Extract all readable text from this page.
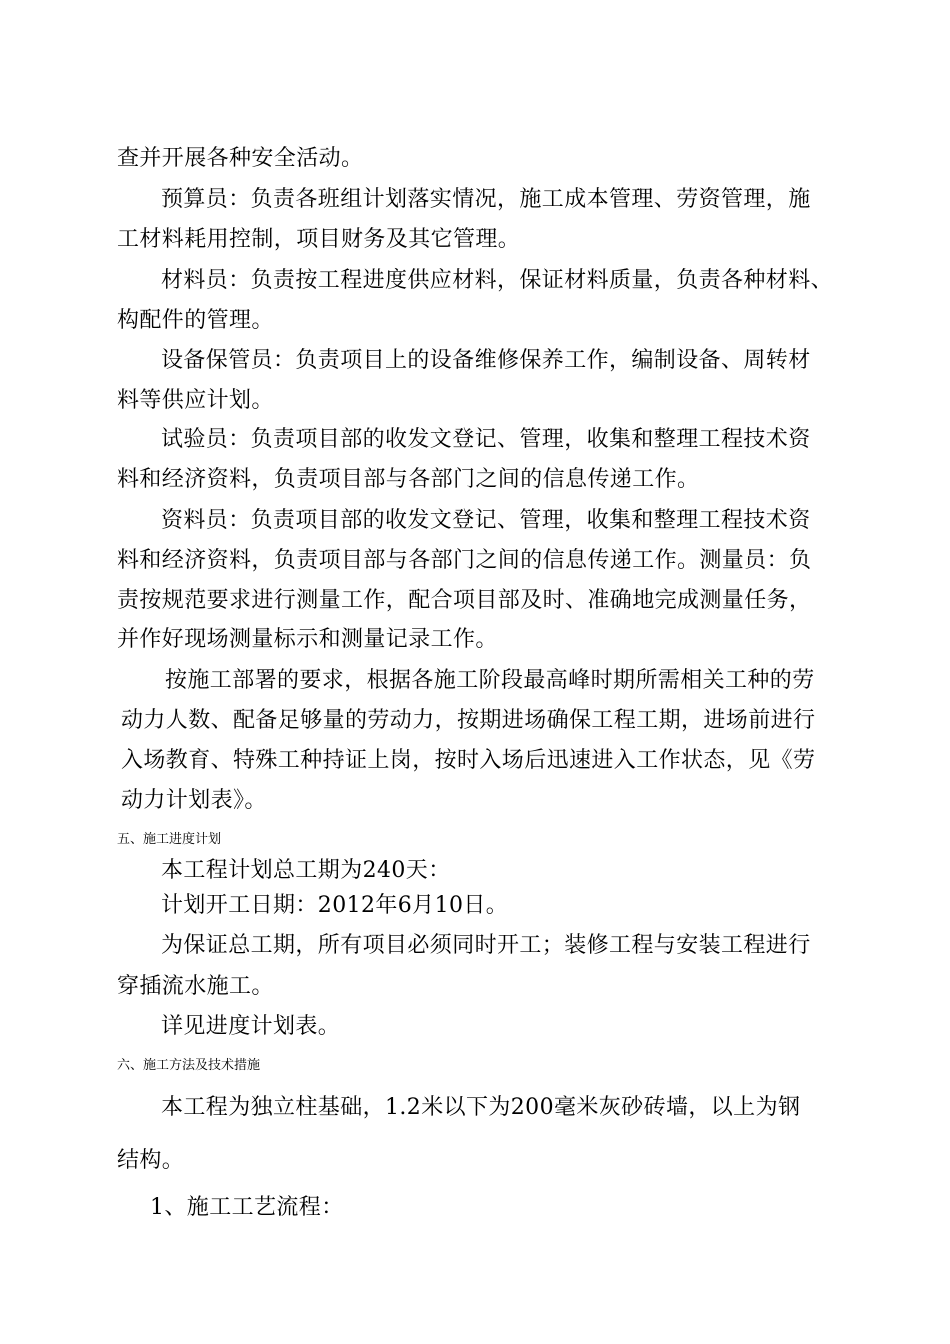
查并开展各种安全活动。
预算员：负责各班组计划落实情况，施工成本管理、劳资管理，施
工材料耗用控制，项目财务及其它管理。
材料员：负责按工程进度供应材料，保证材料质量，负责各种材料、
构配件的管理。
设备保管员：负责项目上的设备维修保养工作，编制设备、周转材
料等供应计划。
试验员：负责项目部的收发文登记、管理，收集和整理工程技术资
料和经济资料，负责项目部与各部门之间的信息传递工作。
资料员：负责项目部的收发文登记、管理，收集和整理工程技术资
料和经济资料，负责项目部与各部门之间的信息传递工作。测量员：负
责按规范要求进行测量工作，配合项目部及时、准确地完成测量任务，
并作好现场测量标示和测量记录工作。
按施工部署的要求，根据各施工阶段最高峰时期所需相关工种的劳
动力人数、配备足够量的劳动力，按期进场确保工程工期，进场前进行
入场教育、特殊工种持证上岗，按时入场后迅速进入工作状态，见《劳
动力计划表》。
五、施工进度计划
本工程计划总工期为240天：
计划开工日期：2012年6月10日。
为保证总工期，所有项目必须同时开工；装修工程与安装工程进行
穿插流水施工。
详见进度计划表。
六、施工方法及技术措施
本工程为独立柱基础，1.2米以下为200毫米灰砂砖墙，以上为钢
结构。
1、施工工艺流程：
